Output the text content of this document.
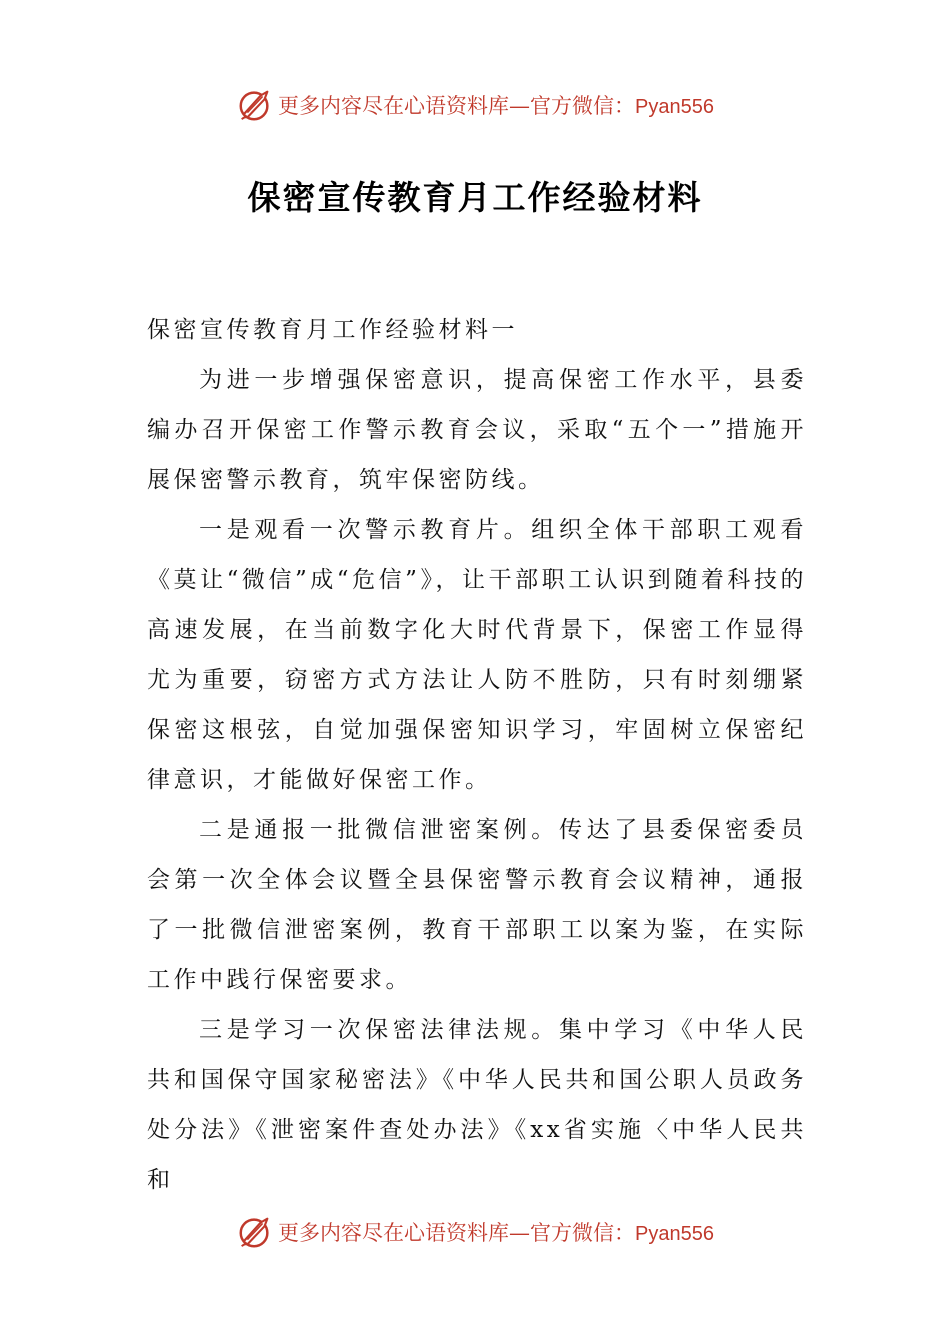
更多内容尽在心语资料库—官方微信：Pyan556
保密宣传教育月工作经验材料

保密宣传教育月工作经验材料一

为进一步增强保密意识，提高保密工作水平，县委编办召开保密工作警示教育会议，采取“五个一”措施开展保密警示教育，筑牢保密防线。

一是观看一次警示教育片。组织全体干部职工观看《莫让“微信”成“危信”》，让干部职工认识到随着科技的高速发展，在当前数字化大时代背景下，保密工作显得尤为重要，窃密方式方法让人防不胜防，只有时刻绷紧保密这根弦，自觉加强保密知识学习，牢固树立保密纪律意识，才能做好保密工作。

二是通报一批微信泄密案例。传达了县委保密委员会第一次全体会议暨全县保密警示教育会议精神，通报了一批微信泄密案例，教育干部职工以案为鉴，在实际工作中践行保密要求。

三是学习一次保密法律法规。集中学习《中华人民共和国保守国家秘密法》《中华人民共和国公职人员政务处分法》《泄密案件查处办法》《xx省实施〈中华人民共和

更多内容尽在心语资料库—官方微信：Pyan556
